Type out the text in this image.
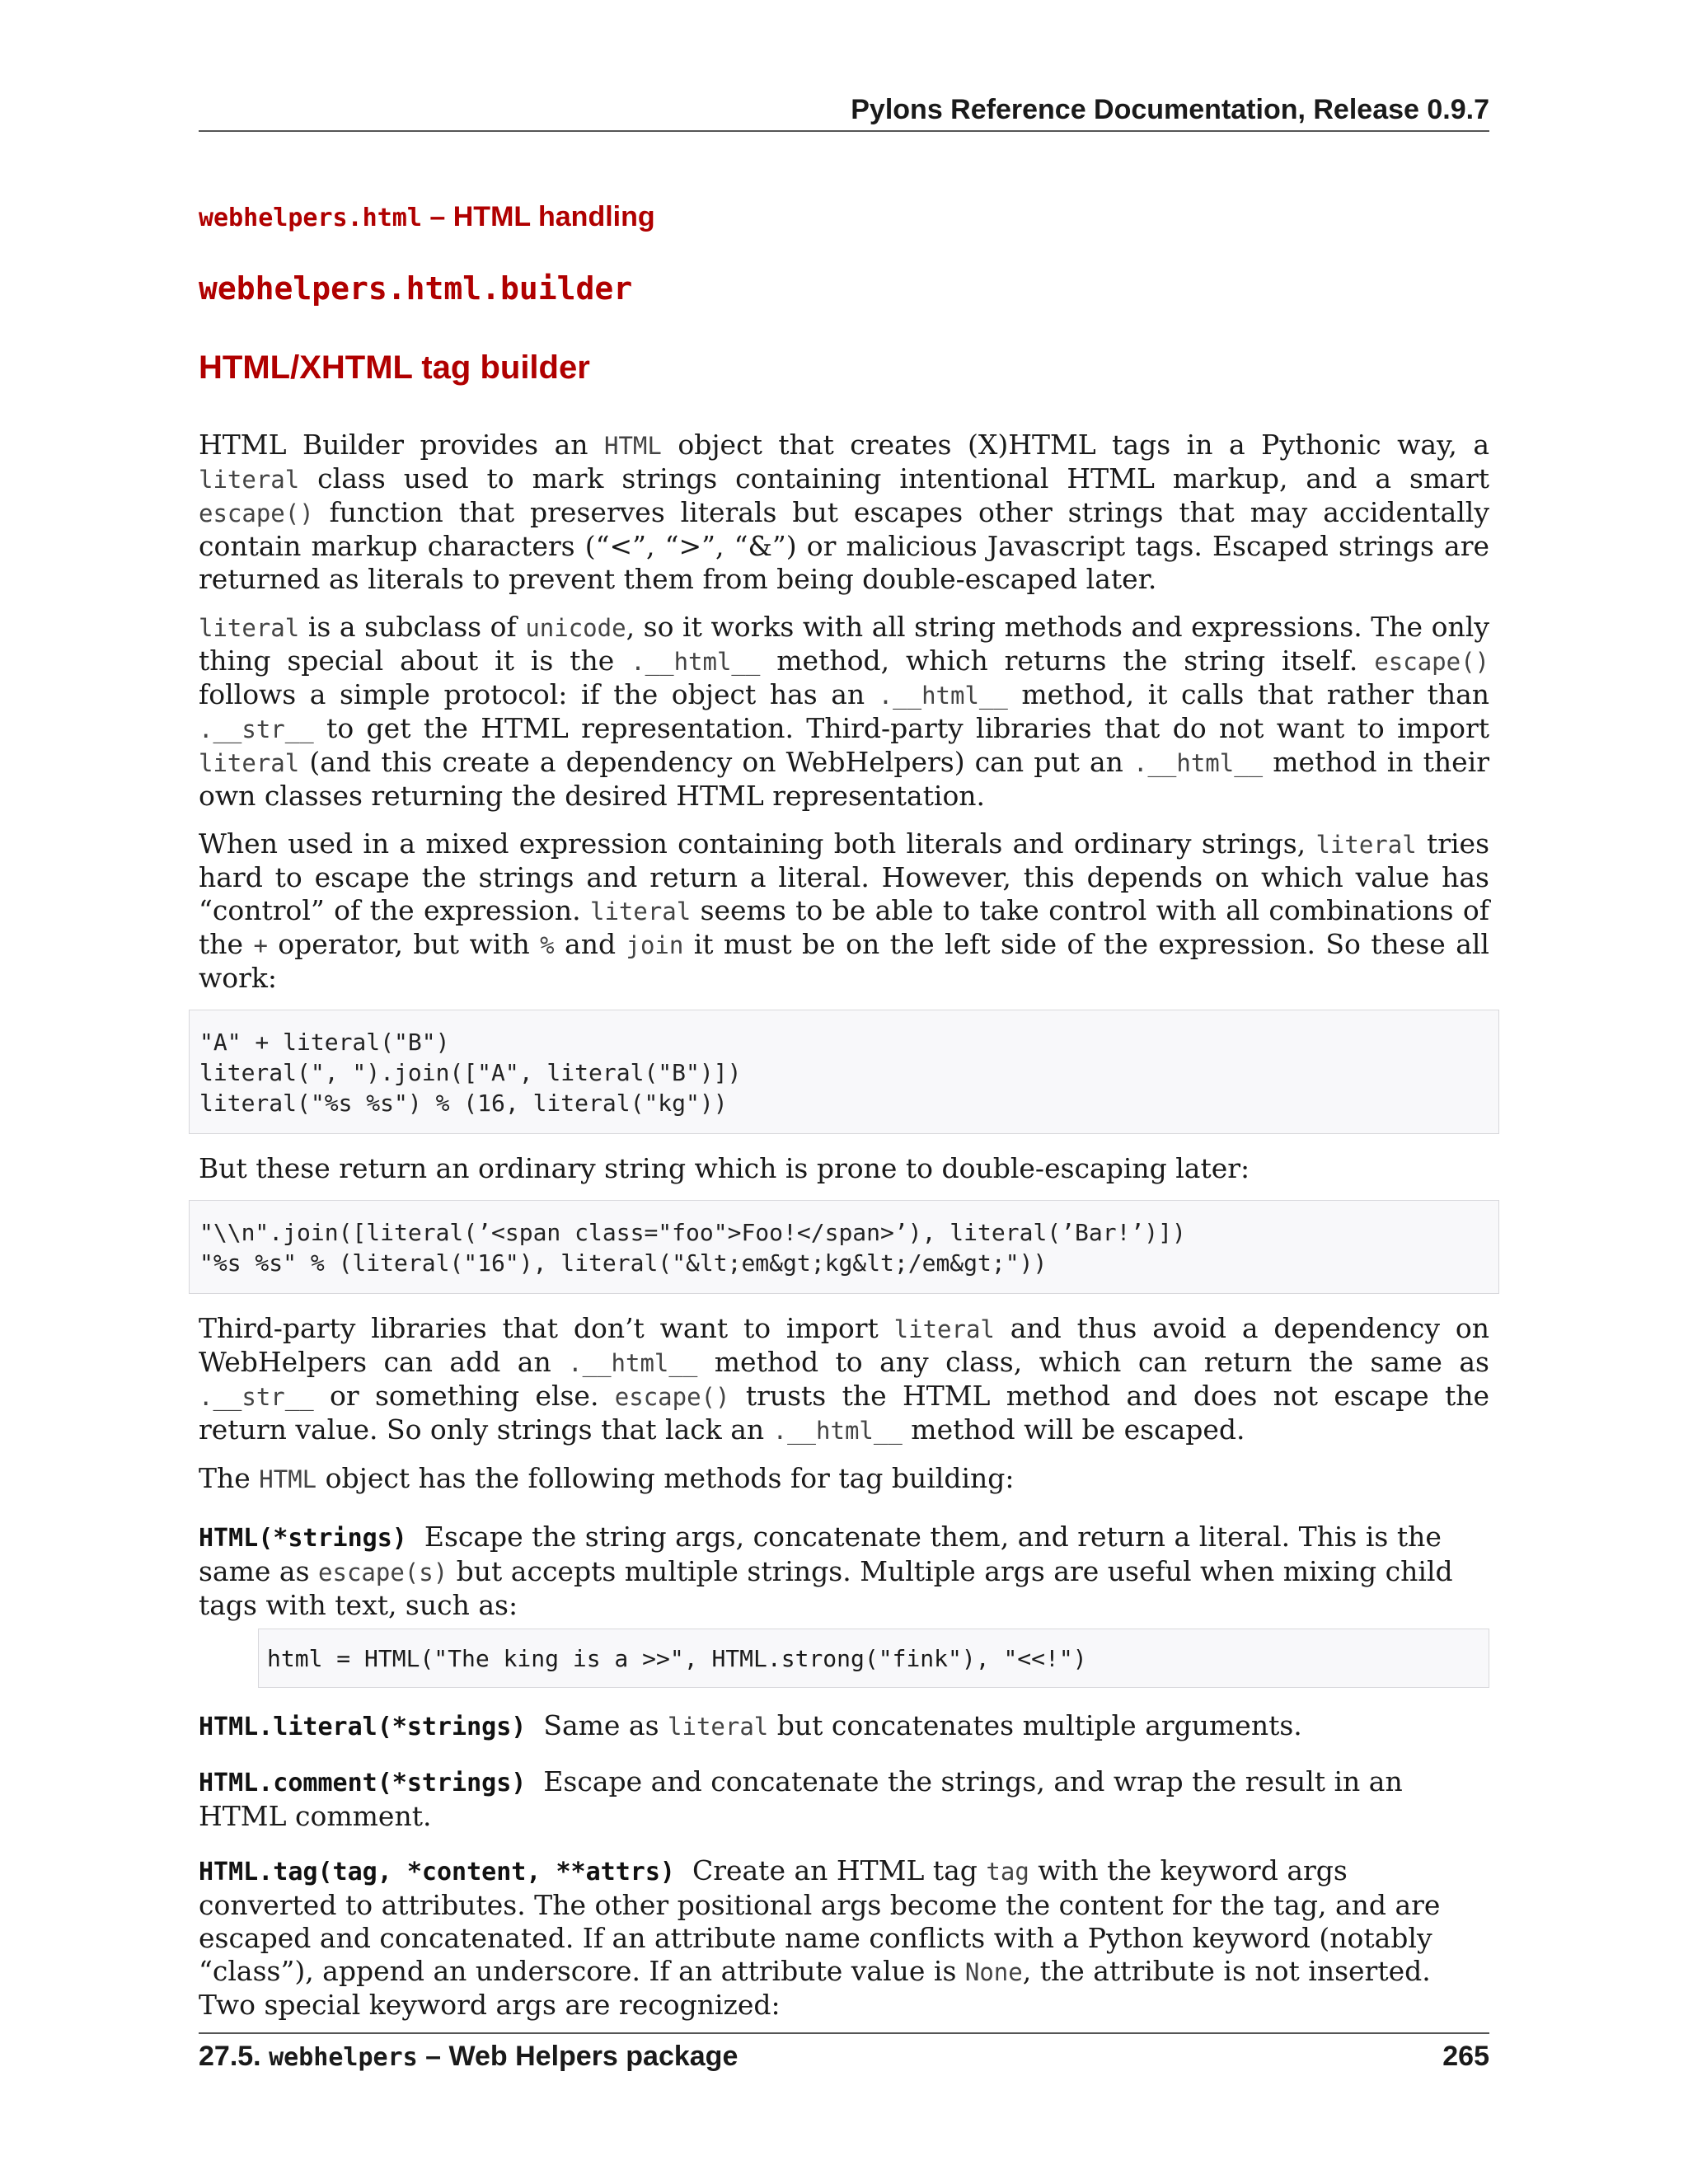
Pylons Reference Documentation, Release 0.9.7
webhelpers.html – HTML handling
webhelpers.html.builder
HTML/XHTML tag builder

HTML Builder provides an HTML object that creates (X)HTML tags in a Pythonic way, a literal class used to mark strings containing intentional HTML markup, and a smart escape() function that preserves literals but escapes other strings that may accidentally contain markup characters (“<”, “>”, “&”) or malicious Javascript tags. Escaped strings are returned as literals to prevent them from being double-escaped later.

literal is a subclass of unicode, so it works with all string methods and expressions. The only thing special about it is the .__html__ method, which returns the string itself. escape() follows a simple protocol: if the object has an .__html__ method, it calls that rather than .__str__ to get the HTML representation. Third-party libraries that do not want to import literal (and this create a dependency on WebHelpers) can put an .__html__ method in their own classes returning the desired HTML representation.

When used in a mixed expression containing both literals and ordinary strings, literal tries hard to escape the strings and return a literal. However, this depends on which value has “control” of the expression. literal seems to be able to take control with all combinations of the + operator, but with % and join it must be on the left side of the expression. So these all work:

"A" + literal("B")
literal(", ").join(["A", literal("B")])
literal("%s %s") % (16, literal("kg"))

But these return an ordinary string which is prone to double-escaping later:

"\\n".join([literal(’<span class="foo">Foo!</span>’), literal(’Bar!’)])
"%s %s" % (literal("16"), literal("&lt;em&gt;kg&lt;/em&gt;"))

Third-party libraries that don’t want to import literal and thus avoid a dependency on WebHelpers can add an .__html__ method to any class, which can return the same as .__str__ or something else. escape() trusts the HTML method and does not escape the return value. So only strings that lack an .__html__ method will be escaped.

The HTML object has the following methods for tag building:

HTML(*strings) Escape the string args, concatenate them, and return a literal. This is the same as escape(s) but accepts multiple strings. Multiple args are useful when mixing child tags with text, such as:
html = HTML("The king is a >>", HTML.strong("fink"), "<<!")
HTML.literal(*strings) Same as literal but concatenates multiple arguments.
HTML.comment(*strings) Escape and concatenate the strings, and wrap the result in an HTML comment.
HTML.tag(tag, *content, **attrs) Create an HTML tag tag with the keyword args converted to attributes. The other positional args become the content for the tag, and are escaped and concatenated. If an attribute name conflicts with a Python keyword (notably “class”), append an underscore. If an attribute value is None, the attribute is not inserted. Two special keyword args are recognized:
27.5. webhelpers – Web Helpers package	265
